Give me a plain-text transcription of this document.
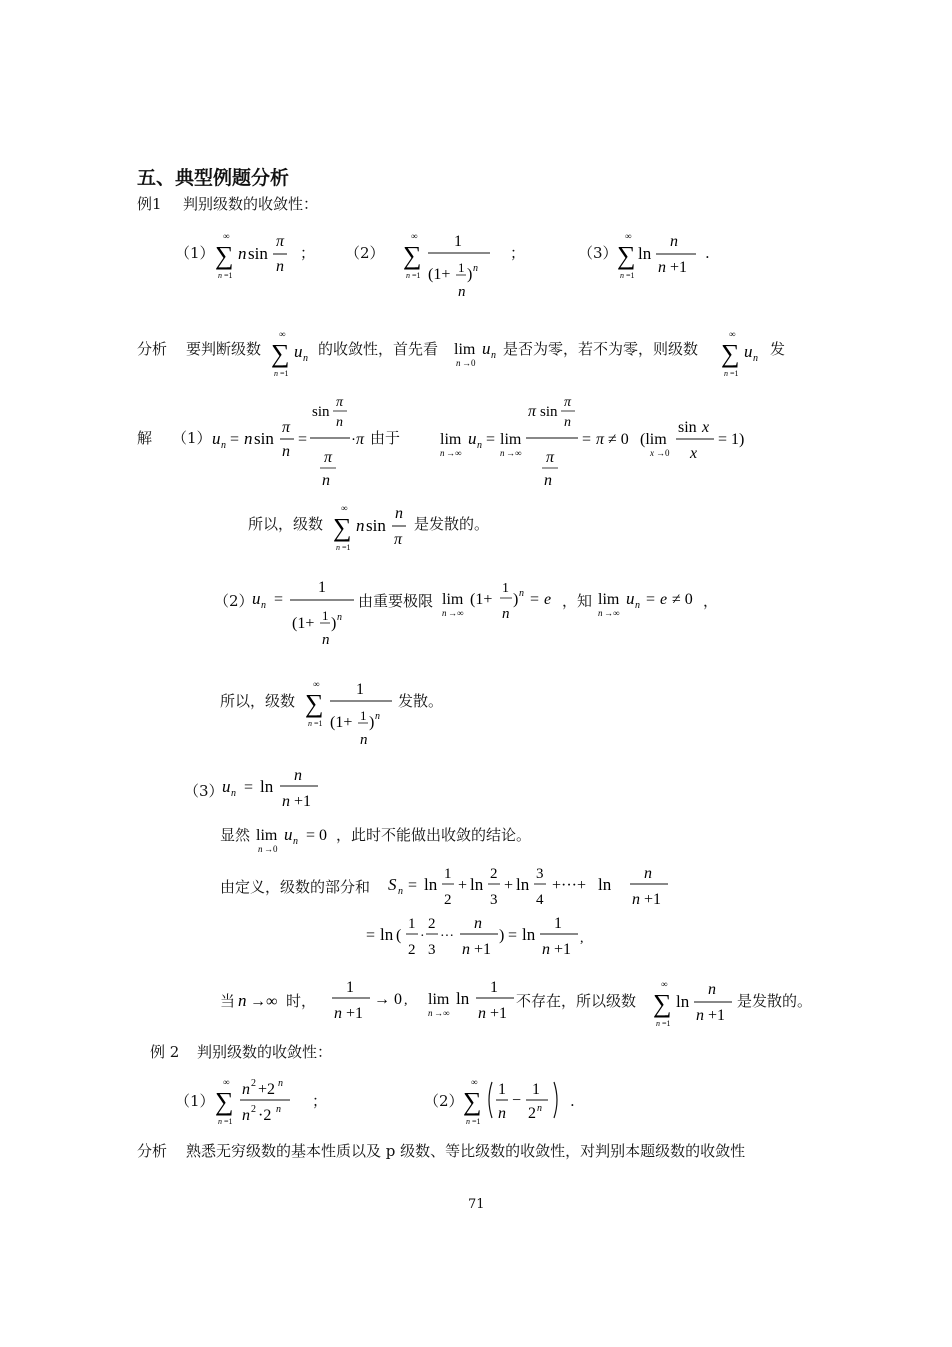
五、典型例题分析
例1 判别级数的收敛性：
（1）
∞
∑
n =1
n sin
π
n
； （2）
∞
∑
n =1
1
(1+ 1
n
) n
；	（3）
∞
∑
n =1
ln
n
n +1
.
分析 要判断级数
∞
∑
n =1
u n
的收敛性，首先看 lim
n →0
u n 是否为零，若不为零，则级数
∞
∑
n =1
u n
发
解 （1） u n = n sin
π
n
=
sin
π
n
π
n
· π 由于 lim
n →∞
u n = lim
n →∞
π sin
π
n
π
n
= π ≠ 0 (lim
x →0
sin x
x
= 1)
所以，级数
∞
∑
n =1
n sin
n
π
是发散的。
（2）
u n =
1
(1+ 1
n
) n
由重要极限 lim
n →∞
(1+
1
n
) n = e ，知 lim
n →∞
u n = e ≠ 0 ，
所以，级数
∞
∑
n =1
1
(1+ 1
n
) n
发散。
（3）
u n = ln
n
n +1
显然 lim
n →0
u n = 0 ，此时不能做出收敛的结论。
由定义，级数的部分和 S n = ln
1
2
+ ln
2
3
+ ln
3
4
+···+ ln
n
n +1
= ln (
1
2
·
2
3
···
n
n +1
) = ln
1
n +1
,
当 n →∞ 时，
1
n +1
→ 0 , lim
n →∞
ln
1
n +1
不存在，所以级数
∞
∑
n =1
ln
n
n +1
是发散的。
例 2 判别级数的收敛性：
（1）
∞
∑
n =1
n 2 +2 n
n 2 ·2 n ；	（2）
∞
∑
n =1
1
n
−
1
2 n .
分析 熟悉无穷级数的基本性质以及 p 级数、等比级数的收敛性，对判别本题级数的收敛性
71
